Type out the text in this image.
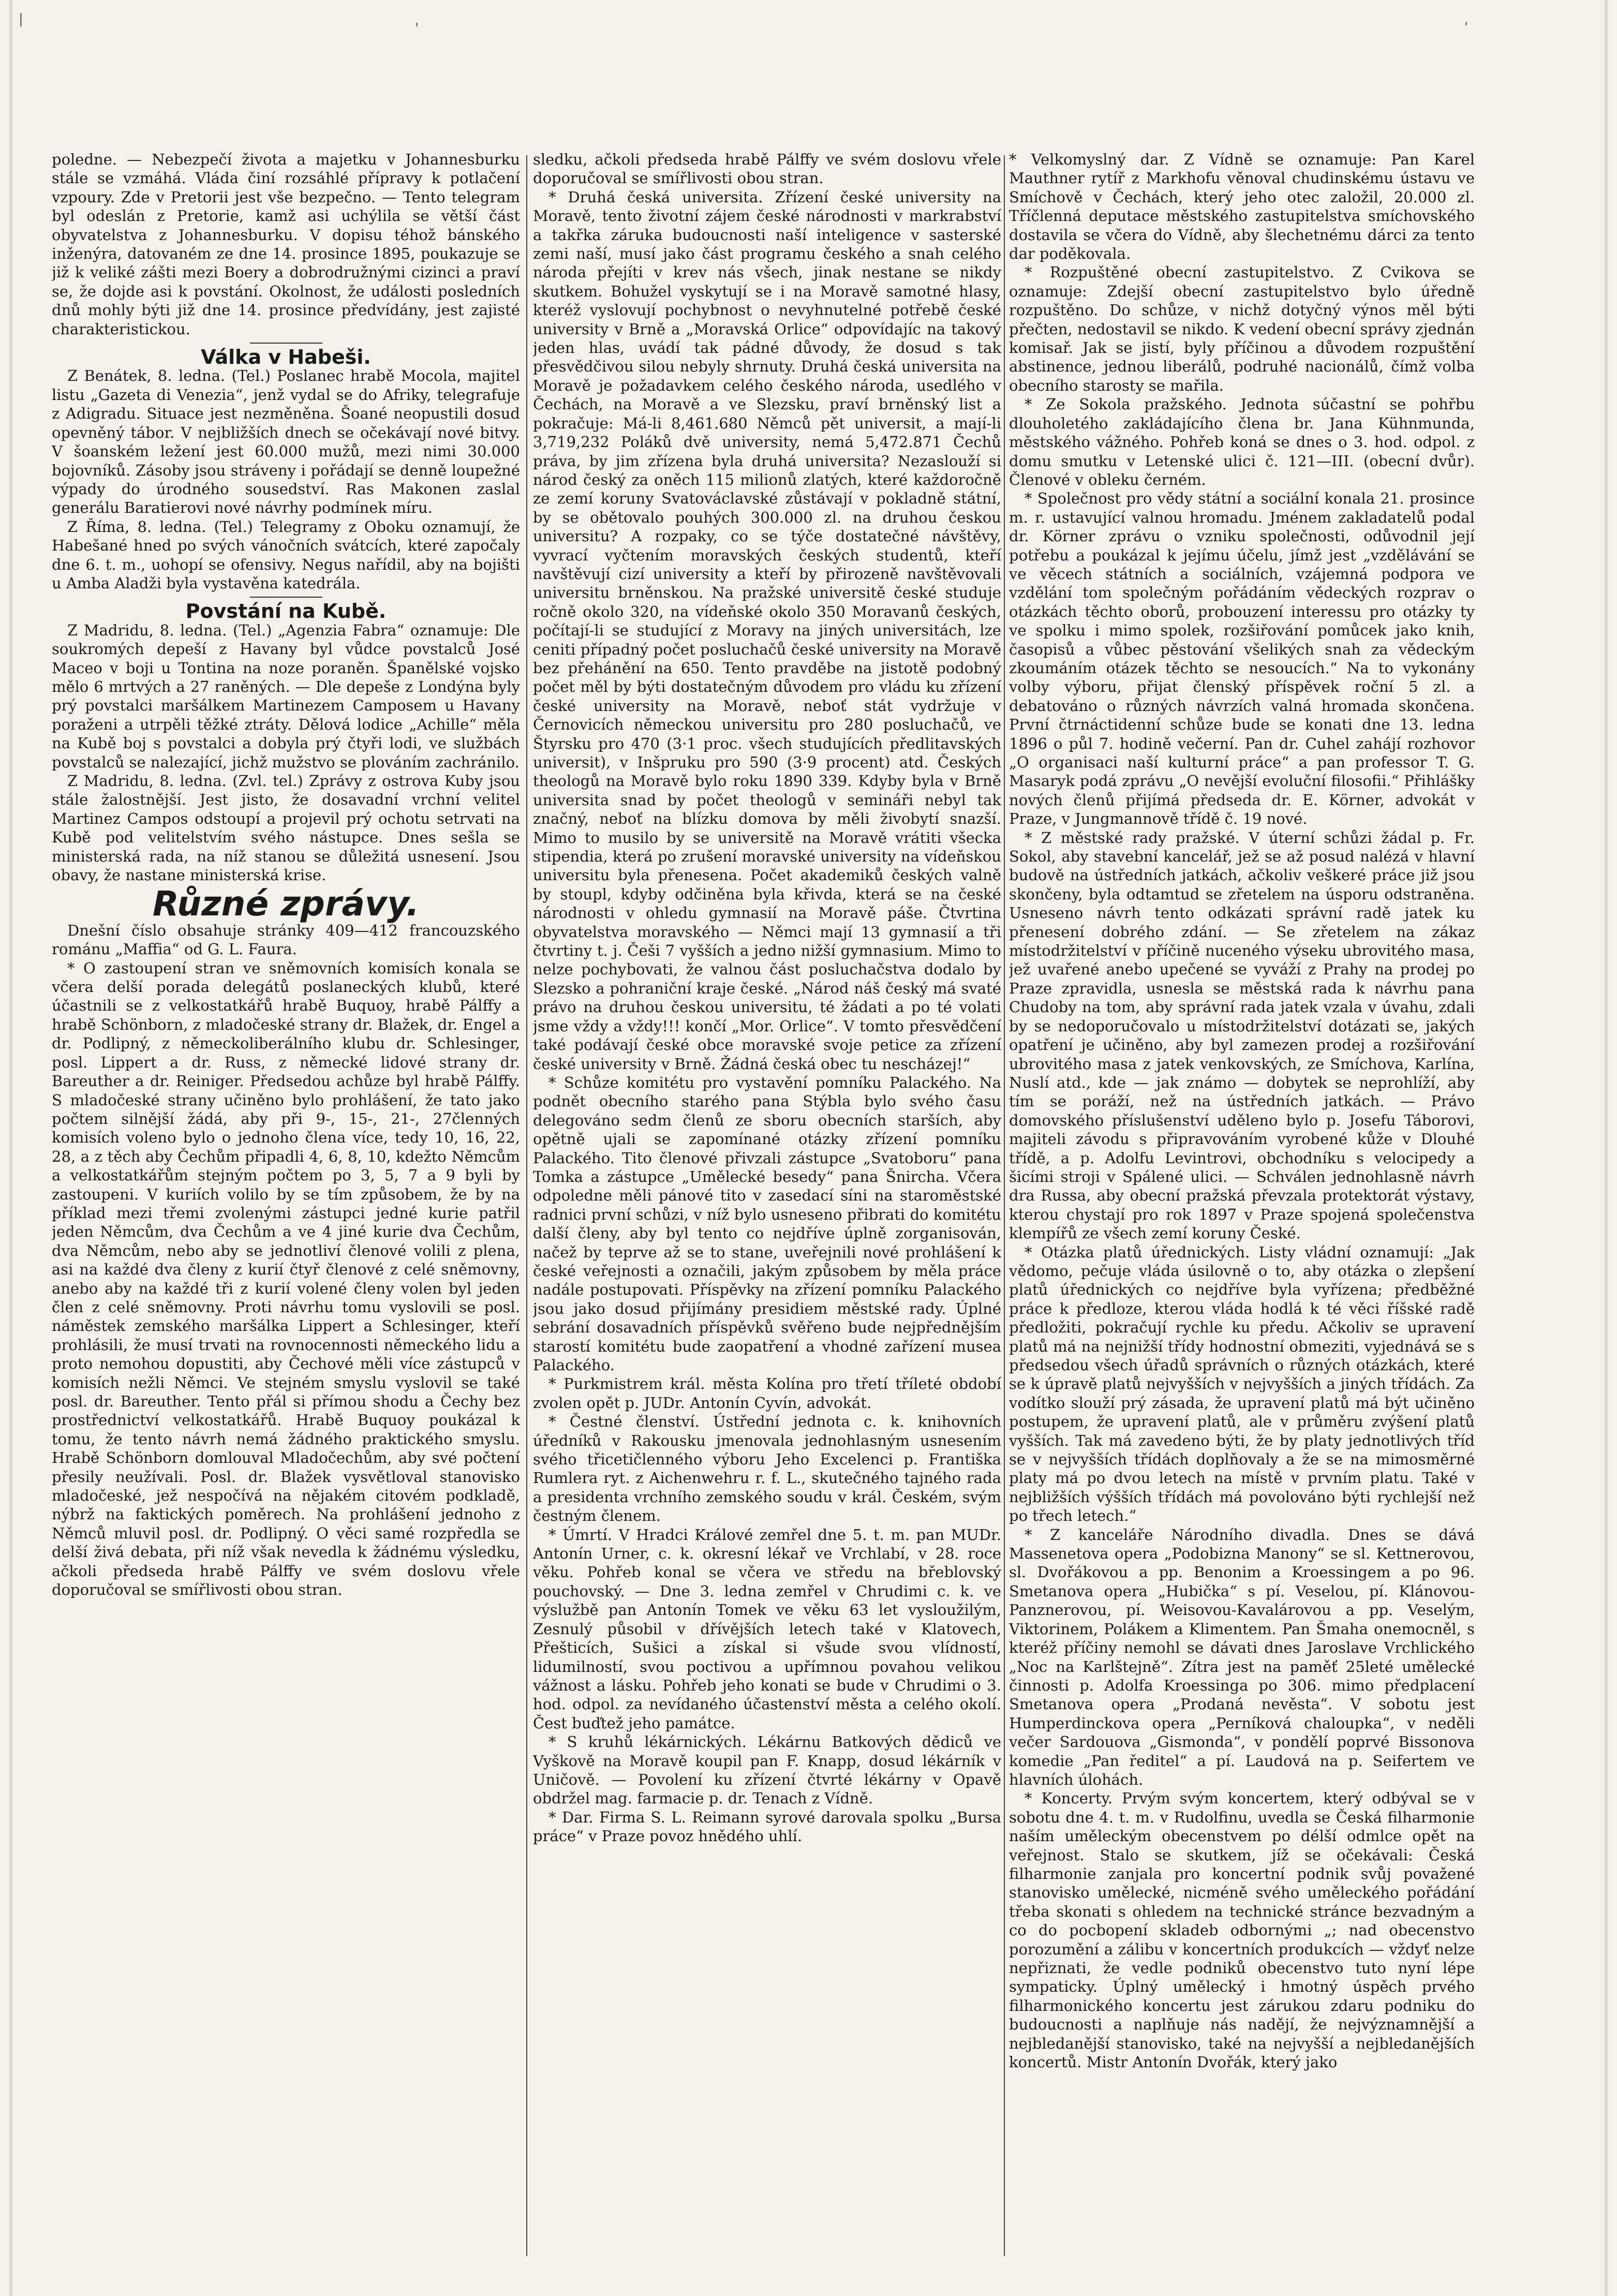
|
'	'

poledne. — Nebezpečí života a majetku v Johannesburku stále se vzmáhá. Vláda činí rozsáhlé přípravy k potlačení vzpoury. Zde v Pretorii jest vše bezpečno. — Tento telegram byl odeslán z Pretorie, kamž asi uchýlila se větší část obyvatelstva z Johannesburku. V dopisu téhož bánského inženýra, datovaném ze dne 14. prosince 1895, poukazuje se již k veliké zášti mezi Boery a dobrodružnými cizinci a praví se, že dojde asi k povstání. Okolnost, že události posledních dnů mohly býti již dne 14. prosince předvídány, jest zajisté charakteristickou.

Válka v Habeši.

Z Benátek, 8. ledna. (Tel.) Poslanec hrabě Mocola, majitel listu „Gazeta di Venezia“, jenž vydal se do Afriky, telegrafuje z Adigradu. Situace jest nezměněna. Šoané neopustili dosud opevněný tábor. V nejbližších dnech se očekávají nové bitvy. V šoanském ležení jest 60.000 mužů, mezi nimi 30.000 bojovníků. Zásoby jsou stráveny i pořádají se denně loupežné výpady do úrodného sousedství. Ras Makonen zaslal generálu Baratierovi nové návrhy podmínek míru.

Z Říma, 8. ledna. (Tel.) Telegramy z Oboku oznamují, že Habešané hned po svých vánočních svátcích, které započaly dne 6. t. m., uohopí se ofensivy. Negus nařídil, aby na bojišti u Amba Aladži byla vystavěna katedrála.

Povstání na Kubě.

Z Madridu, 8. ledna. (Tel.) „Agenzia Fabra“ oznamuje: Dle soukromých depeší z Havany byl vůdce povstalců José Maceo v boji u Tontina na noze poraněn. Španělské vojsko mělo 6 mrtvých a 27 raněných. — Dle depeše z Londýna byly prý povstalci maršálkem Martinezem Camposem u Havany poraženi a utrpěli těžké ztráty. Dělová lodice „Achille“ měla na Kubě boj s povstalci a dobyla prý čtyři lodi, ve službách povstalců se nalezající, jichž mužstvo se plováním zachránilo.

Z Madridu, 8. ledna. (Zvl. tel.) Zprávy z ostrova Kuby jsou stále žalostnější. Jest jisto, že dosavadní vrchní velitel Martinez Campos odstoupí a projevil prý ochotu setrvati na Kubě pod velitelstvím svého nástupce. Dnes sešla se ministerská rada, na níž stanou se důležitá usnesení. Jsou obavy, že nastane ministerská krise.

Různé zprávy.

Dnešní číslo obsahuje stránky 409—412 francouzského románu „Maffia“ od G. L. Faura.

* O zastoupení stran ve sněmovních komisích konala se včera delší porada delegátů poslaneckých klubů, které účastnili se z velkostatkářů hrabě Buquoy, hrabě Pálffy a hrabě Schönborn, z mladočeské strany dr. Blažek, dr. Engel a dr. Podlipný, z německoliberálního klubu dr. Schlesinger, posl. Lippert a dr. Russ, z německé lidové strany dr. Bareuther a dr. Reiniger. Předsedou achůze byl hrabě Pálffy. S mladočeské strany učiněno bylo prohlášení, že tato jako počtem silnější žádá, aby při 9-, 15-, 21-, 27členných komisích voleno bylo o jednoho člena více, tedy 10, 16, 22, 28, a z těch aby Čechům připadli 4, 6, 8, 10, kdežto Němcům a velkostatkářům stejným počtem po 3, 5, 7 a 9 byli by zastoupeni. V kuriích volilo by se tím způsobem, že by na příklad mezi třemi zvolenými zástupci jedné kurie patřil jeden Němcům, dva Čechům a ve 4 jiné kurie dva Čechům, dva Němcům, nebo aby se jednotliví členové volili z plena, asi na každé dva členy z kurií čtyř členové z celé sněmovny, anebo aby na každé tři z kurií volené členy volen byl jeden člen z celé sněmovny. Proti návrhu tomu vyslovili se posl. náměstek zemského maršálka Lippert a Schlesinger, kteří prohlásili, že musí trvati na rovnocennosti německého lidu a proto nemohou dopustiti, aby Čechové měli více zástupců v komisích nežli Němci. Ve stejném smyslu vyslovil se také posl. dr. Bareuther. Tento přál si přímou shodu a Čechy bez prostřednictví velkostatkářů. Hrabě Buquoy poukázal k tomu, že tento návrh nemá žádného praktického smyslu. Hrabě Schönborn domlouval Mladočechům, aby své počtení přesily neužívali. Posl. dr. Blažek vysvětloval stanovisko mladočeské, jež nespočívá na nějakém citovém podkladě, nýbrž na faktických poměrech. Na prohlášení jednoho z Němců mluvil posl. dr. Podlipný. O věci samé rozpředla se delší živá debata, při níž však nevedla k žádnému výsledku, ačkoli předseda hrabě Pálffy ve svém doslovu vřele doporučoval se smířlivosti obou stran.

sledku, ačkoli předseda hrabě Pálffy ve svém doslovu vřele doporučoval se smířlivosti obou stran.

* Druhá česká universita. Zřízení české university na Moravě, tento životní zájem české národnosti v markrabství a takřka záruka budoucnosti naší inteligence v sasterské zemi naší, musí jako část programu českého a snah celého národa přejíti v krev nás všech, jinak nestane se nikdy skutkem. Bohužel vyskytují se i na Moravě samotné hlasy, kteréž vyslovují pochybnost o nevyhnutelné potřebě české university v Brně a „Moravská Orlice“ odpovídajíc na takový jeden hlas, uvádí tak pádné důvody, že dosud s tak přesvědčivou silou nebyly shrnuty. Druhá česká universita na Moravě je požadavkem celého českého národa, usedlého v Čechách, na Moravě a ve Slezsku, praví brněnský list a pokračuje: Má-li 8,461.680 Němců pět universit, a mají-li 3,719,232 Poláků dvě university, nemá 5,472.871 Čechů práva, by jim zřízena byla druhá universita? Nezaslouží si národ český za oněch 115 milionů zlatých, které každoročně ze zemí koruny Svatováclavské zůstávají v pokladně státní, by se obětovalo pouhých 300.000 zl. na druhou českou universitu? A rozpaky, co se týče dostatečné návštěvy, vyvrací vyčtením moravských českých studentů, kteří navštěvují cizí university a kteří by přirozeně navštěvovali universitu brněnskou. Na pražské universitě české studuje ročně okolo 320, na vídeňské okolo 350 Moravanů českých, počítají-li se studující z Moravy na jiných universitách, lze ceniti případný počet posluchačů české university na Moravě bez přehánění na 650. Tento pravděbe na jistotě podobný počet měl by býti dostatečným důvodem pro vládu ku zřízení české university na Moravě, neboť stát vydržuje v Černovicích německou universitu pro 280 posluchačů, ve Štyrsku pro 470 (3·1 proc. všech studujících předlitavských universit), v Inšpruku pro 590 (3·9 procent) atd. Českých theologů na Moravě bylo roku 1890 339. Kdyby byla v Brně universita snad by počet theologů v semináři nebyl tak značný, neboť na blízku domova by měli živobytí snazší. Mimo to musilo by se universitě na Moravě vrátiti všecka stipendia, která po zrušení moravské university na vídeňskou universitu byla přenesena. Počet akademiků českých valně by stoupl, kdyby odčiněna byla křivda, která se na české národnosti v ohledu gymnasií na Moravě páše. Čtvrtina obyvatelstva moravského — Němci mají 13 gymnasií a tři čtvrtiny t. j. Češi 7 vyšších a jedno nižší gymnasium. Mimo to nelze pochybovati, že valnou část posluchačstva dodalo by Slezsko a pohraniční kraje české. „Národ náš český má svaté právo na druhou českou universitu, té žádati a po té volati jsme vždy a vždy!!! končí „Mor. Orlice“. V tomto přesvědčení také podávají české obce moravské svoje petice za zřízení české university v Brně. Žádná česká obec tu nescházej!“

* Schůze komitétu pro vystavění pomníku Palackého. Na podnět obecního starého pana Stýbla bylo svého času delegováno sedm členů ze sboru obecních starších, aby opětně ujali se zapomínané otázky zřízení pomníku Palackého. Tito členové přivzali zástupce „Svatoboru“ pana Tomka a zástupce „Umělecké besedy“ pana Šnircha. Včera odpoledne měli pánové tito v zasedací síni na staroměstské radnici první schůzi, v níž bylo usneseno přibrati do komitétu další členy, aby byl tento co nejdříve úplně zorganisován, načež by teprve až se to stane, uveřejnili nové prohlášení k české veřejnosti a označili, jakým způsobem by měla práce nadále postupovati. Příspěvky na zřízení pomníku Palackého jsou jako dosud přijímány presidiem městské rady. Úplné sebrání dosavadních příspěvků svěřeno bude nejpřednějším starostí komitétu bude zaopatření a vhodné zařízení musea Palackého.

* Purkmistrem král. města Kolína pro třetí tříleté období zvolen opět p. JUDr. Antonín Cyvín, advokát.

* Čestné členství. Ústřední jednota c. k. knihovních úředníků v Rakousku jmenovala jednohlasným usnesením svého třicetičlenného výboru Jeho Excelenci p. Františka Rumlera ryt. z Aichenwehru r. f. L., skutečného tajného rada a presidenta vrchního zemského soudu v král. Českém, svým čestným členem.

* Úmrtí. V Hradci Králové zemřel dne 5. t. m. pan MUDr. Antonín Urner, c. k. okresní lékař ve Vrchlabí, v 28. roce věku. Pohřeb konal se včera ve středu na břeblovský pouchovský. — Dne 3. ledna zemřel v Chrudimi c. k. ve výslužbě pan Antonín Tomek ve věku 63 let vysloužilým, Zesnulý působil v dřívějších letech také v Klatovech, Přešticích, Sušici a získal si všude svou vlídností, lidumilností, svou poctivou a upřímnou povahou velikou vážnost a lásku. Pohřeb jeho konati se bude v Chrudimi o 3. hod. odpol. za nevídaného účastenství města a celého okolí. Čest buďtež jeho památce.

* S kruhů lékárnických. Lékárnu Batkových dědiců ve Vyškově na Moravě koupil pan F. Knapp, dosud lékárník v Uničově. — Povolení ku zřízení čtvrté lékárny v Opavě obdržel mag. farmacie p. dr. Tenach z Vídně.

* Dar. Firma S. L. Reimann syrové darovala spolku „Bursa práce“ v Praze povoz hnědého uhlí.

* Velkomyslný dar. Z Vídně se oznamuje: Pan Karel Mauthner rytíř z Markhofu věnoval chudinskému ústavu ve Smíchově v Čechách, který jeho otec založil, 20.000 zl. Tříčlenná deputace městského zastupitelstva smíchovského dostavila se včera do Vídně, aby šlechetnému dárci za tento dar poděkovala.

* Rozpuštěné obecní zastupitelstvo. Z Cvikova se oznamuje: Zdejší obecní zastupitelstvo bylo úředně rozpuštěno. Do schůze, v nichž dotyčný výnos měl býti přečten, nedostavil se nikdo. K vedení obecní správy zjednán komisař. Jak se jistí, byly příčinou a důvodem rozpuštění abstinence, jednou liberálů, podruhé nacionálů, čímž volba obecního starosty se mařila.

* Ze Sokola pražského. Jednota súčastní se pohřbu dlouholetého zakládajícího člena br. Jana Kühnmunda, městského vážného. Pohřeb koná se dnes o 3. hod. odpol. z domu smutku v Letenské ulici č. 121—III. (obecní dvůr). Členové v obleku černém.

* Společnost pro vědy státní a sociální konala 21. prosince m. r. ustavující valnou hromadu. Jménem zakladatelů podal dr. Körner zprávu o vzniku společnosti, odůvodnil její potřebu a poukázal k jejímu účelu, jímž jest „vzdělávání se ve věcech státních a sociálních, vzájemná podpora ve vzdělání tom společným pořádáním vědeckých rozprav o otázkách těchto oborů, probouzení interessu pro otázky ty ve spolku i mimo spolek, rozšiřování pomůcek jako knih, časopisů a vůbec pěstování všelikých snah za vědeckým zkoumáním otázek těchto se nesoucích.“ Na to vykonány volby výboru, přijat členský příspěvek roční 5 zl. a debatováno o různých návrzích valná hromada skončena. První čtrnáctidenní schůze bude se konati dne 13. ledna 1896 o půl 7. hodině večerní. Pan dr. Cuhel zahájí rozhovor „O organisaci naší kulturní práce“ a pan professor T. G. Masaryk podá zprávu „O nevější evoluční filosofii.“ Přihlášky nových členů přijímá předseda dr. E. Körner, advokát v Praze, v Jungmannově třídě č. 19 nové.

* Z městské rady pražské. V úterní schůzi žádal p. Fr. Sokol, aby stavební kancelář, jež se až posud nalézá v hlavní budově na ústředních jatkách, ačkoliv veškeré práce již jsou skončeny, byla odtamtud se zřetelem na úsporu odstraněna. Usneseno návrh tento odkázati správní radě jatek ku přenesení dobrého zdání. — Se zřetelem na zákaz místodržitelství v příčině nucenéhо výseku ubrovitého masa, jež uvařené anebo upečené se vyváží z Prahy na prodej po Praze zpravidla, usnesla se městská rada k návrhu pana Chudoby na tom, aby správní rada jatek vzala v úvahu, zdali by se nedoporučovalo u místodržitelství dotázati se, jakých opatření je učiněno, aby byl zamezen prodej a rozšiřování ubrovitého masa z jatek venkovských, ze Smíchova, Karlína, Nuslí atd., kde — jak známo — dobytek se neprohlíží, aby tím se poráží, než na ústředních jatkách. — Právo domovského příslušenství udělenо bylo p. Josefu Táborovi, majiteli závodu s připravováním vyrobené kůže v Dlouhé třídě, a p. Adolfu Levintrovi, obchodníku s velocipedy a šicími stroji v Spálené ulici. — Schválen jednohlasně návrh dra Russa, aby obecní pražská převzala protektorát výstavy, kterou chystají pro rok 1897 v Praze spojená společenstva klempířů ze všech zemí koruny České.

* Otázka platů úřednických. Listy vládní oznamují: „Jak vědomo, pečuje vláda úsilovně o to, aby otázka o zlepšení platů úřednických co nejdříve byla vyřízena; předběžné práce k předloze, kterou vláda hodlá k té věci říšské radě předložiti, pokračují rychle ku předu. Ačkoliv se upravení platů má na nejnižší třídy hodnostní obmeziti, vyjednává se s předsedou všech úřadů správních o různých otázkách, které se k úpravě platů nejvyšších v nejvyšších a jiných třídách. Za vodítko slouží prý zásada, že upravení platů má být učiněno postupem, že upravení platů, ale v průměru zvýšení platů vyšších. Tak má zavedeno býti, že by platy jednotlivých tříd se v nejvyšších třídách doplňovaly a že se na mimosměrné platy má po dvou letech na místě v prvním platu. Také v nejbližších výšších třídách má povolováno býti rychlejší než po třech letech.“

* Z kanceláře Národního divadla. Dnes se dává Massenetova opera „Podobizna Manony“ se sl. Kettnerovou, sl. Dvořákovou a pp. Benonim a Kroessingem a po 96. Smetanova opera „Hubička“ s pí. Veselou, pí. Klánovou-Panznerovou, pí. Weisovou-Kavalárovou a pp. Veselým, Viktorinem, Polákem a Klimentem. Pan Šmaha onemocněl, s kteréž příčiny nemohl se dávati dnes Jaroslave Vrchlického „Noc na Karlštejně“. Zítra jest na paměť 25leté umělecké činnosti p. Adolfa Kroessinga po 306. mimo předplacení Smetanova opera „Prodaná nevěsta“. V sobotu jest Humperdinckova opera „Perníková chaloupka“, v neděli večer Sardouova „Gismonda“, v pondělí poprvé Bissonova komedie „Pan ředitel“ a pí. Laudová na p. Seifertem ve hlavních úlohách.

* Koncerty. Prvým svým koncertem, který odbýval se v sobotu dne 4. t. m. v Rudolfinu, uvedla se Česká filharmonie naším uměleckým obecenstvem po délší odmlce opět na veřejnost. Stalo se skutkem, jíž se očekávali: Česká filharmonie zanjala pro koncertní podnik svůj považené stanovisko umělecké, nicméně svého uměleckého pořádání třeba skonati s ohledem na technické stránce bezvadným a co do pocbopení skladeb odbornými „; nad obecenstvo porozumění a zálibu v koncertních produkcích — vždyť nelze nepřiznati, že vedle podniků obecenstvo tuto nyní lépe sympaticky. Úplný umělecký i hmotný úspěch prvého filharmonického koncertu jest zárukou zdaru podniku do budoucnosti a naplňuje nás nadějí, že nejvýznamnější a nejbledanější stanovisko, také na nejvyšší a nejbledanějších koncertů. Mistr Antonín Dvořák, který jako
